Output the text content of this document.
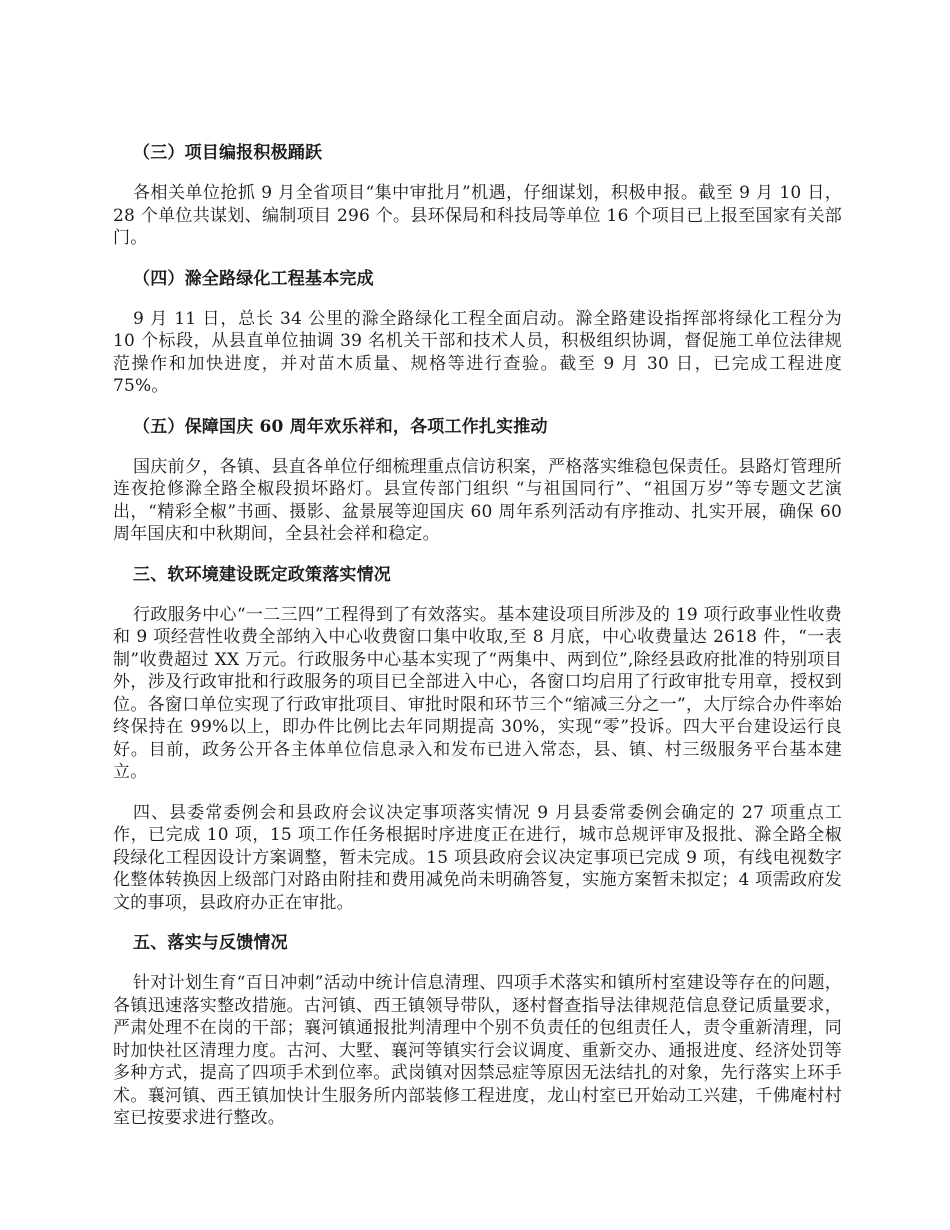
（三）项目编报积极踊跃

各相关单位抢抓 9 月全省项目“集中审批月”机遇，仔细谋划，积极申报。截至 9 月 10 日，28 个单位共谋划、编制项目 296 个。县环保局和科技局等单位 16 个项目已上报至国家有关部门。

（四）滁全路绿化工程基本完成

9 月 11 日，总长 34 公里的滁全路绿化工程全面启动。滁全路建设指挥部将绿化工程分为 10 个标段，从县直单位抽调 39 名机关干部和技术人员，积极组织协调，督促施工单位法律规范操作和加快进度，并对苗木质量、规格等进行查验。截至 9 月 30 日，已完成工程进度 75%。

（五）保障国庆 60 周年欢乐祥和，各项工作扎实推动

国庆前夕，各镇、县直各单位仔细梳理重点信访积案，严格落实维稳包保责任。县路灯管理所连夜抢修滁全路全椒段损坏路灯。县宣传部门组织 “与祖国同行”、“祖国万岁”等专题文艺演出，“精彩全椒”书画、摄影、盆景展等迎国庆 60 周年系列活动有序推动、扎实开展，确保 60 周年国庆和中秋期间，全县社会祥和稳定。

三、软环境建设既定政策落实情况

行政服务中心“一二三四”工程得到了有效落实。基本建设项目所涉及的 19 项行政事业性收费和 9 项经营性收费全部纳入中心收费窗口集中收取,至 8 月底，中心收费量达 2618 件，“一表制”收费超过 XX 万元。行政服务中心基本实现了“两集中、两到位”,除经县政府批准的特别项目外，涉及行政审批和行政服务的项目已全部进入中心，各窗口均启用了行政审批专用章，授权到位。各窗口单位实现了行政审批项目、审批时限和环节三个“缩减三分之一”，大厅综合办件率始终保持在 99%以上，即办件比例比去年同期提高 30%，实现“零”投诉。四大平台建设运行良好。目前，政务公开各主体单位信息录入和发布已进入常态，县、镇、村三级服务平台基本建立。

四、县委常委例会和县政府会议决定事项落实情况 9 月县委常委例会确定的 27 项重点工作，已完成 10 项，15 项工作任务根据时序进度正在进行，城市总规评审及报批、滁全路全椒段绿化工程因设计方案调整，暂未完成。15 项县政府会议决定事项已完成 9 项，有线电视数字化整体转换因上级部门对路由附挂和费用减免尚未明确答复，实施方案暂未拟定；4 项需政府发文的事项，县政府办正在审批。

五、落实与反馈情况

针对计划生育“百日冲刺”活动中统计信息清理、四项手术落实和镇所村室建设等存在的问题，各镇迅速落实整改措施。古河镇、西王镇领导带队，逐村督查指导法律规范信息登记质量要求，严肃处理不在岗的干部；襄河镇通报批判清理中个别不负责任的包组责任人，责令重新清理，同时加快社区清理力度。古河、大墅、襄河等镇实行会议调度、重新交办、通报进度、经济处罚等多种方式，提高了四项手术到位率。武岗镇对因禁忌症等原因无法结扎的对象，先行落实上环手术。襄河镇、西王镇加快计生服务所内部装修工程进度，龙山村室已开始动工兴建，千佛庵村村室已按要求进行整改。
